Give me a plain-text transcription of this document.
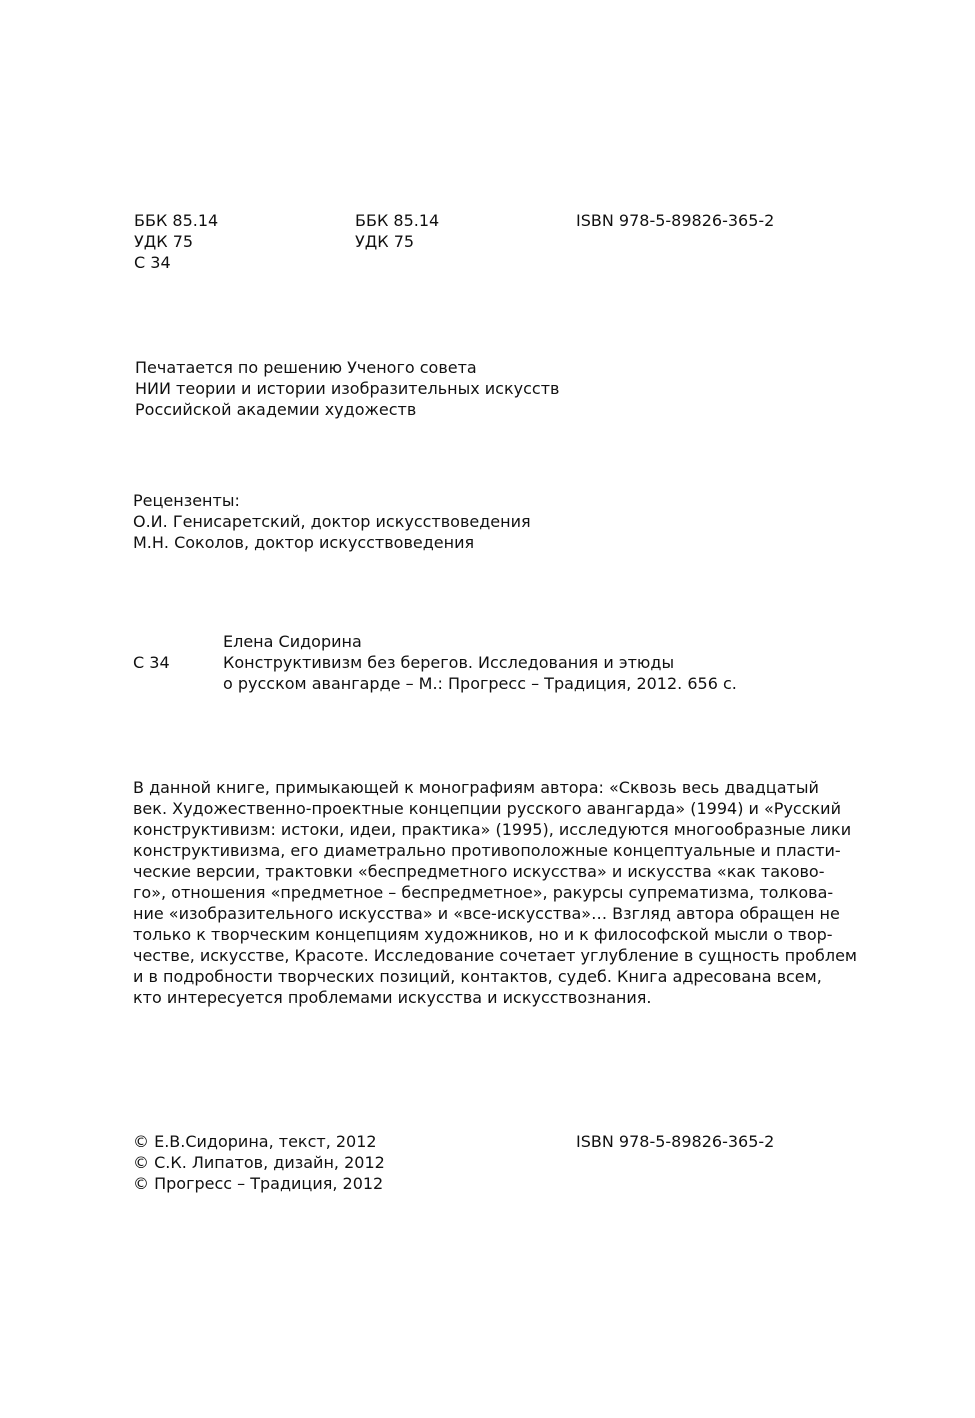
ББК 85.14
УДК 75
С 34
ББК 85.14
УДК 75
ISBN 978-5-89826-365-2
Печатается по решению Ученого совета
НИИ теории и истории изобразительных искусств
Российской академии художеств
Рецензенты:
О.И. Генисаретский, доктор искусствоведения
М.Н. Соколов, доктор искусствоведения
С 34
Елена Сидорина
Конструктивизм без берегов. Исследования и этюды
о русском авангарде – М.: Прогресс – Традиция, 2012. 656 с.
В данной книге, примыкающей к монографиям автора: «Сквозь весь двадцатый
век. Художественно-проектные концепции русского авангарда» (1994) и «Русский
конструктивизм: истоки, идеи, практика» (1995), исследуются многообразные лики
конструктивизма, его диаметрально противоположные концептуальные и пласти-
ческие версии, трактовки «беспредметного искусства» и искусства «как таково-
го», отношения «предметное – беспредметное», ракурсы супрематизма, толкова-
ние «изобразительного искусства» и «все-искусства»… Взгляд автора обращен не
только к творческим концепциям художников, но и к философской мысли о твор-
честве, искусстве, Красоте. Исследование сочетает углубление в сущность проблем
и в подробности творческих позиций, контактов, судеб. Книга адресована всем,
кто интересуется проблемами искусства и искусствознания.
© Е.В.Сидорина, текст, 2012
© С.К. Липатов, дизайн, 2012
© Прогресс – Традиция, 2012
ISBN 978-5-89826-365-2
